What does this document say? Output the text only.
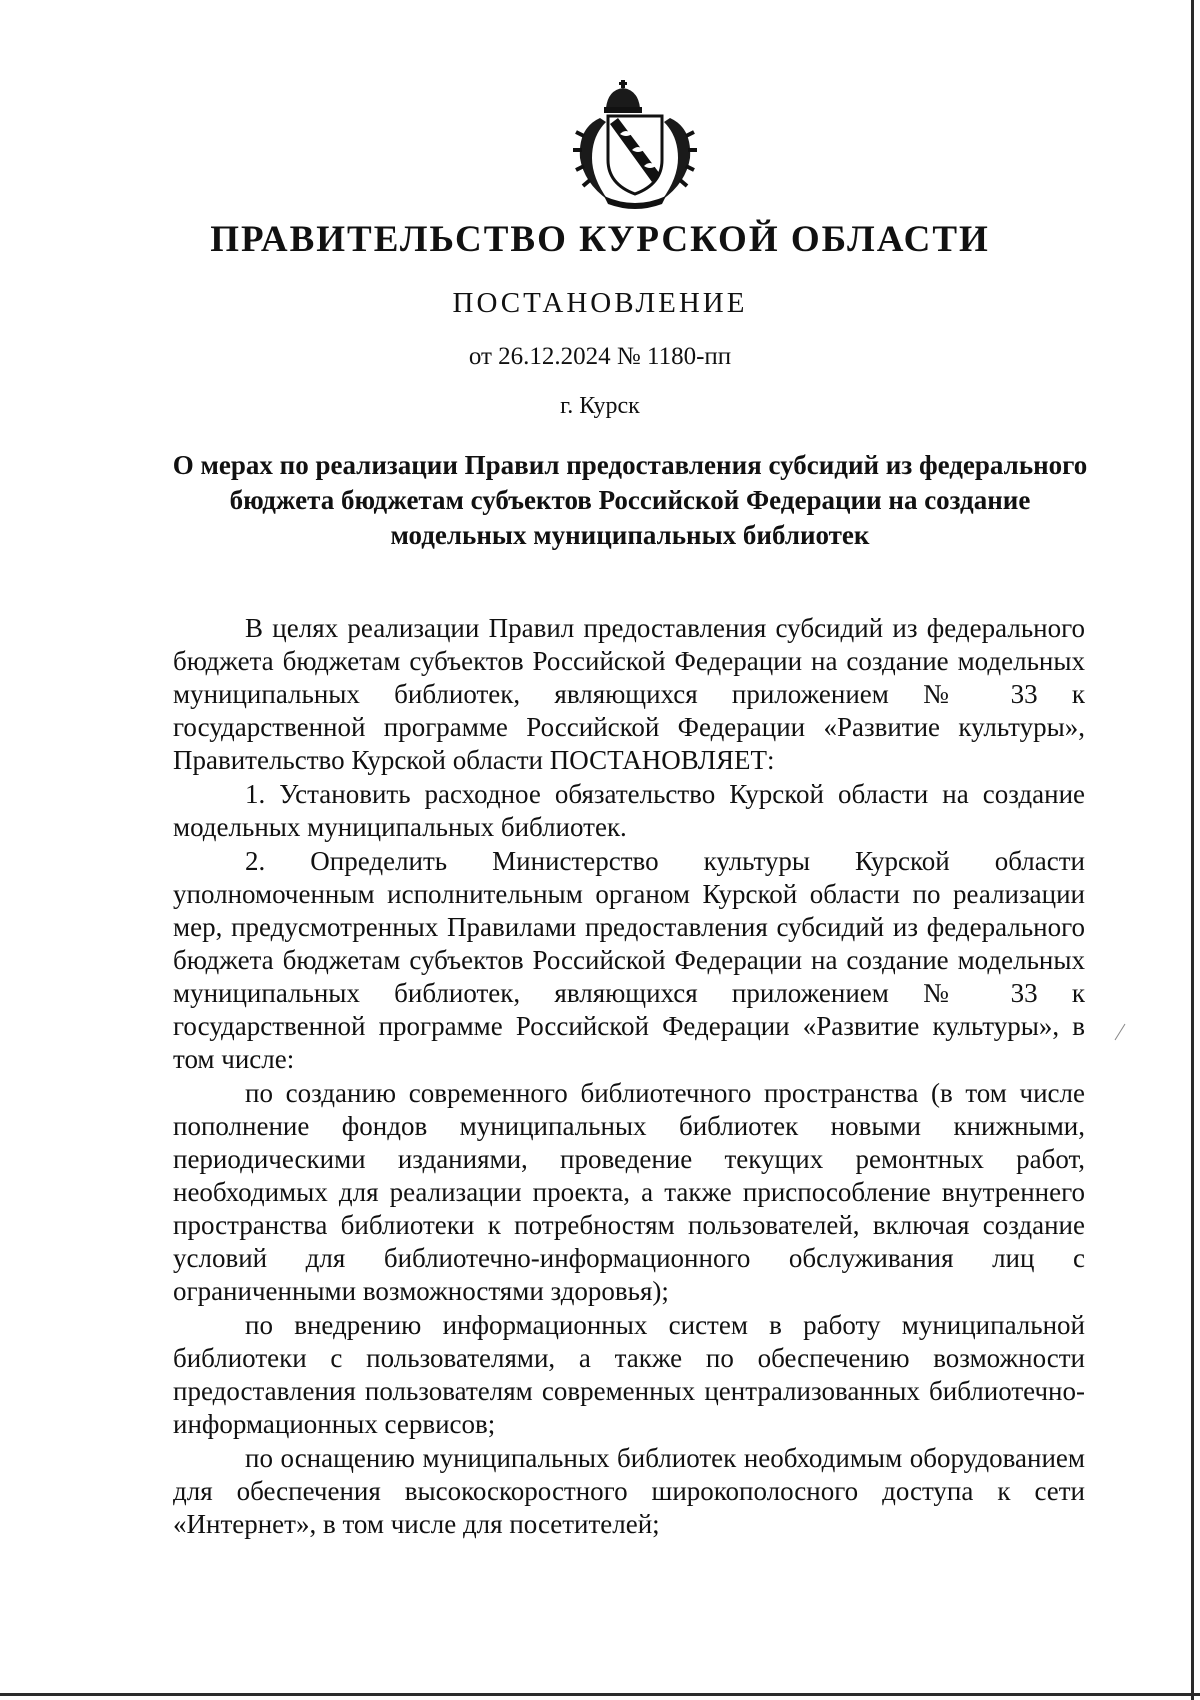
ПРАВИТЕЛЬСТВО КУРСКОЙ ОБЛАСТИ
ПОСТАНОВЛЕНИЕ
от 26.12.2024 № 1180-пп
г. Курск
О мерах по реализации Правил предоставления субсидий из федерального бюджета бюджетам субъектов Российской Федерации на создание модельных муниципальных библиотек

В целях реализации Правил предоставления субсидий из федерального бюджета бюджетам субъектов Российской Федерации на создание модельных муниципальных библиотек, являющихся приложением № 33 к государственной программе Российской Федерации «Развитие культуры», Правительство Курской области ПОСТАНОВЛЯЕТ:

1. Установить расходное обязательство Курской области на создание модельных муниципальных библиотек.

2. Определить Министерство культуры Курской области уполномоченным исполнительным органом Курской области по реализации мер, предусмотренных Правилами предоставления субсидий из федерального бюджета бюджетам субъектов Российской Федерации на создание модельных муниципальных библиотек, являющихся приложением № 33 к государственной программе Российской Федерации «Развитие культуры», в том числе:

по созданию современного библиотечного пространства (в том числе пополнение фондов муниципальных библиотек новыми книжными, периодическими изданиями, проведение текущих ремонтных работ, необходимых для реализации проекта, а также приспособление внутреннего пространства библиотеки к потребностям пользователей, включая создание условий для библиотечно-информационного обслуживания лиц с ограниченными возможностями здоровья);

по внедрению информационных систем в работу муниципальной библиотеки с пользователями, а также по обеспечению возможности предоставления пользователям современных централизованных библиотечно-информационных сервисов;

по оснащению муниципальных библиотек необходимым оборудованием для обеспечения высокоскоростного широкополосного доступа к сети «Интернет», в том числе для посетителей;
